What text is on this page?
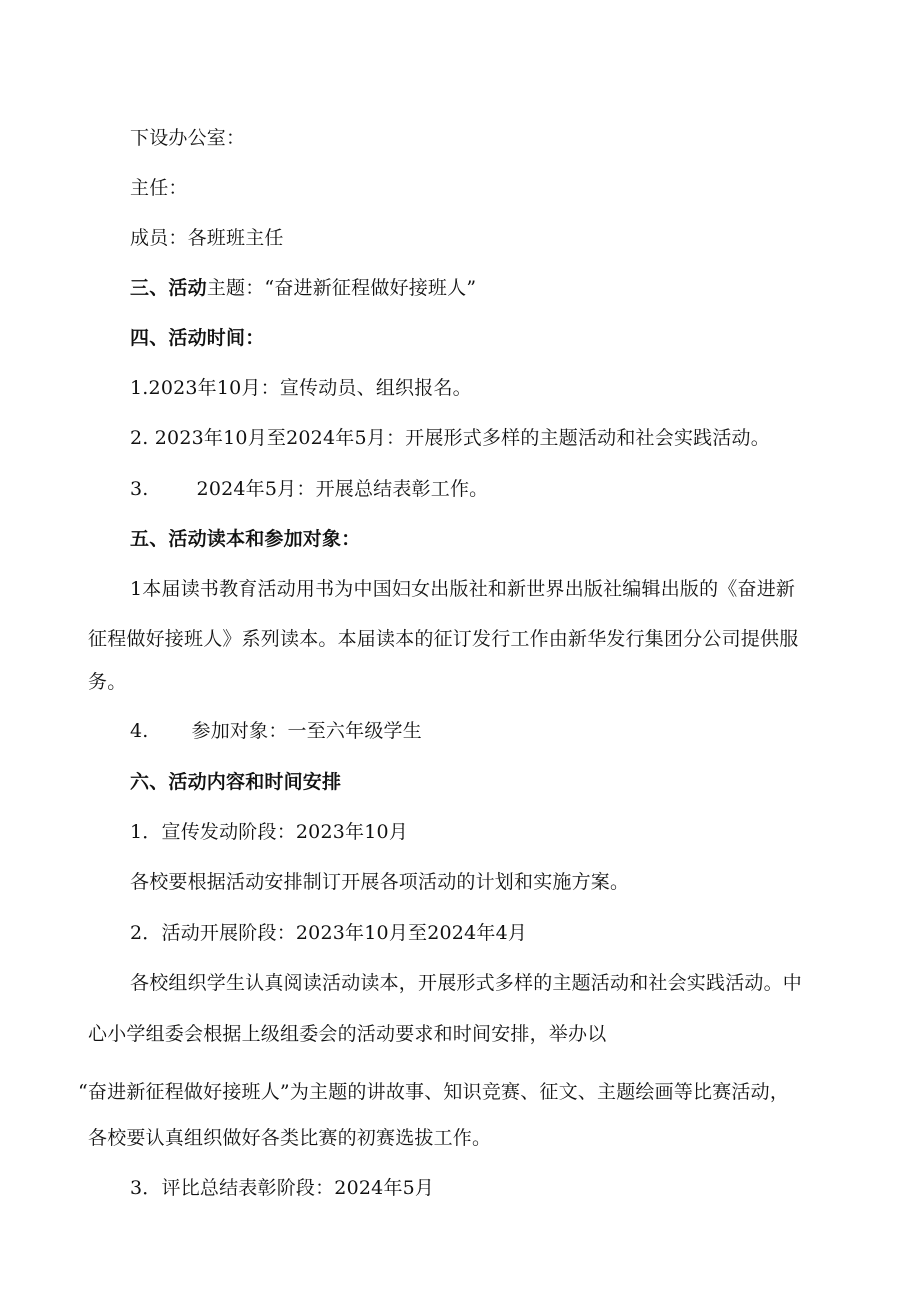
下设办公室：
主任：
成员：各班班主任
三、活动主题：“奋进新征程做好接班人”
四、活动时间：
1.2023年10月：宣传动员、组织报名。
2. 2023年10月至2024年5月：开展形式多样的主题活动和社会实践活动。
3.	2024年5月：开展总结表彰工作。
五、活动读本和参加对象：
1本届读书教育活动用书为中国妇女出版社和新世界出版社编辑出版的《奋进新
征程做好接班人》系列读本。本届读本的征订发行工作由新华发行集团分公司提供服
务。
4. 参加对象：一至六年级学生
六、活动内容和时间安排
1．宣传发动阶段：2023年10月
各校要根据活动安排制订开展各项活动的计划和实施方案。
2．活动开展阶段：2023年10月至2024年4月
各校组织学生认真阅读活动读本，开展形式多样的主题活动和社会实践活动。中
心小学组委会根据上级组委会的活动要求和时间安排，举办以
“奋进新征程做好接班人”为主题的讲故事、知识竞赛、征文、主题绘画等比赛活动，
各校要认真组织做好各类比赛的初赛选拔工作。
3．评比总结表彰阶段：2024年5月
